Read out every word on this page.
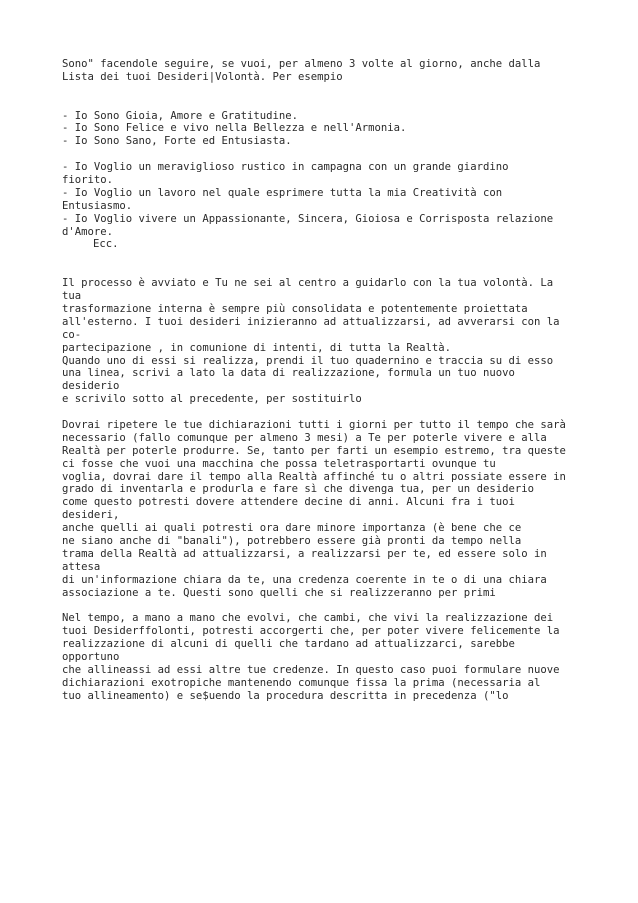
Sono" facendole seguire, se vuoi, per almeno 3 volte al giorno, anche dalla
Lista dei tuoi Desideri|Volontà. Per esempio
- Io Sono Gioia, Amore e Gratitudine.
- Io Sono Felice e vivo nella Bellezza e nell'Armonia.
- Io Sono Sano, Forte ed Entusiasta.
- Io Voglio un meraviglioso rustico in campagna con un grande giardino
fiorito.
- Io Voglio un lavoro nel quale esprimere tutta la mia Creatività con
Entusiasmo.
- Io Voglio vivere un Appassionante, Sincera, Gioiosa e Corrisposta relazione
d'Amore.
Ecc.
Il processo è avviato e Tu ne sei al centro a guidarlo con la tua volontà. La
tua
trasformazione interna è sempre più consolidata e potentemente proiettata
all'esterno. I tuoi desideri inizieranno ad attualizzarsi, ad avverarsi con la
co-
partecipazione , in comunione di intenti, di tutta la Realtà.
Quando uno di essi si realizza, prendi il tuo quadernino e traccia su di esso
una linea, scrivi a lato la data di realizzazione, formula un tuo nuovo
desiderio
e scrivilo sotto al precedente, per sostituirlo
Dovrai ripetere le tue dichiarazioni tutti i giorni per tutto il tempo che sarà
necessario (fallo comunque per almeno 3 mesi) a Te per poterle vivere e alla
Realtà per poterle produrre. Se, tanto per farti un esempio estremo, tra queste
ci fosse che vuoi una macchina che possa teletrasportarti ovunque tu
voglia, dovrai dare il tempo alla Realtà affinché tu o altri possiate essere in
grado di inventarla e produrla e fare sì che divenga tua, per un desiderio
come questo potresti dovere attendere decine di anni. Alcuni fra i tuoi
desideri,
anche quelli ai quali potresti ora dare minore importanza (è bene che ce
ne siano anche di "banali"), potrebbero essere già pronti da tempo nella
trama della Realtà ad attualizzarsi, a realizzarsi per te, ed essere solo in
attesa
di un'informazione chiara da te, una credenza coerente in te o di una chiara
associazione a te. Questi sono quelli che si realizzeranno per primi
Nel tempo, a mano a mano che evolvi, che cambi, che vivi la realizzazione dei
tuoi Desiderffolonti, potresti accorgerti che, per poter vivere felicemente la
realizzazione di alcuni di quelli che tardano ad attualizzarci, sarebbe
opportuno
che allineassi ad essi altre tue credenze. In questo caso puoi formulare nuove
dichiarazioni exotropiche mantenendo comunque fissa la prima (necessaria al
tuo allineamento) e se$uendo la procedura descritta in precedenza ("lo
